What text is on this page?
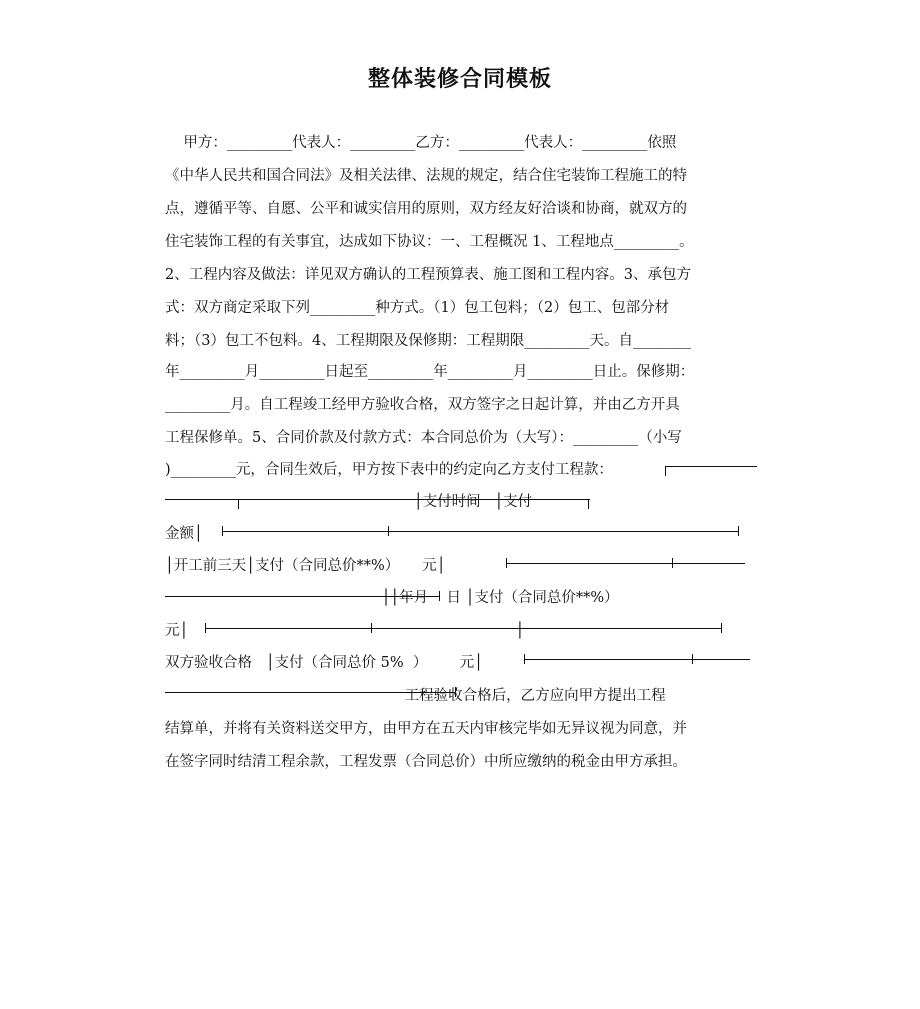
整体装修合同模板
甲方：_________代表人：_________乙方：_________代表人：_________依照
《中华人民共和国合同法》及相关法律、法规的规定，结合住宅装饰工程施工的特
点，遵循平等、自愿、公平和诚实信用的原则，双方经友好洽谈和协商，就双方的
住宅装饰工程的有关事宜，达成如下协议：一、工程概况 1、工程地点_________。
2、工程内容及做法：详见双方确认的工程预算表、施工图和工程内容。3、承包方
式：双方商定采取下列_________种方式。（1）包工包料；（2）包工、包部分材
料；（3）包工不包料。4、工程期限及保修期：工程期限_________天。自________
年_________月_________日起至_________年_________月_________日止。保修期：
_________月。自工程竣工经甲方验收合格，双方签字之日起计算，并由乙方开具
工程保修单。5、合同价款及付款方式：本合同总价为（大写）：_________（小写
)_________元，合同生效后，甲方按下表中的约定向乙方支付工程款：
│支付时间   │支付
金额│
│开工前三天│支付（合同总价**%）     元│
││年月    日 │支付（合同总价**%）
元│                                                                       │
双方验收合格   │支付（合同总价 5%  ）       元│
工程验收合格后，乙方应向甲方提出工程
结算单，并将有关资料送交甲方，由甲方在五天内审核完毕如无异议视为同意，并
在签字同时结清工程余款，工程发票（合同总价）中所应缴纳的税金由甲方承担。
